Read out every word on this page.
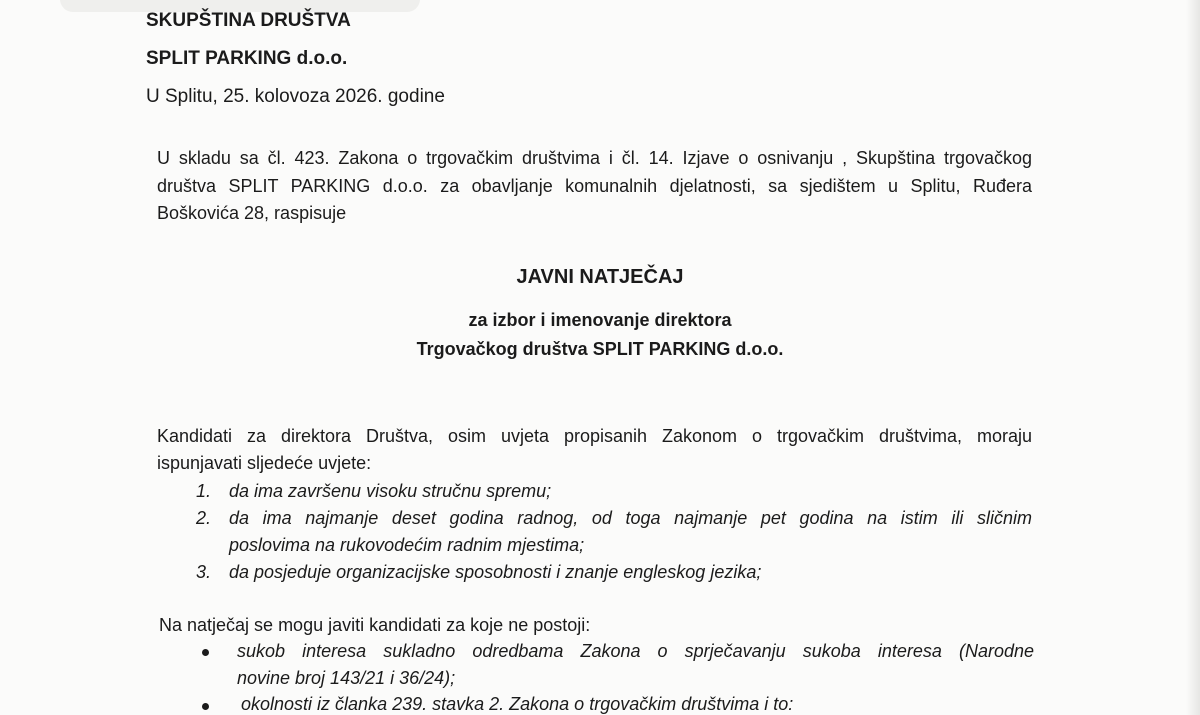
SKUPŠTINA DRUŠTVA
SPLIT PARKING d.o.o.
U Splitu, 25. kolovoza 2026. godine
U skladu sa čl. 423. Zakona o trgovačkim društvima i čl. 14. Izjave o osnivanju , Skupština trgovačkog
društva SPLIT PARKING d.o.o. za obavljanje komunalnih djelatnosti, sa sjedištem u Splitu, Ruđera
Boškovića 28, raspisuje
JAVNI NATJEČAJ
za izbor i imenovanje direktora
Trgovačkog društva SPLIT PARKING d.o.o.
Kandidati za direktora Društva, osim uvjeta propisanih Zakonom o trgovačkim društvima, moraju
ispunjavati sljedeće uvjete:
1. da ima završenu visoku stručnu spremu;
2. da ima najmanje deset godina radnog, od toga najmanje pet godina na istim ili sličnim
poslovima na rukovodećim radnim mjestima;
3. da posjeduje organizacijske sposobnosti i znanje engleskog jezika;
Na natječaj se mogu javiti kandidati za koje ne postoji:
sukob interesa sukladno odredbama Zakona o sprječavanju sukoba interesa (Narodne
novine broj 143/21 i 36/24);
okolnosti iz članka 239. stavka 2. Zakona o trgovačkim društvima i to:
